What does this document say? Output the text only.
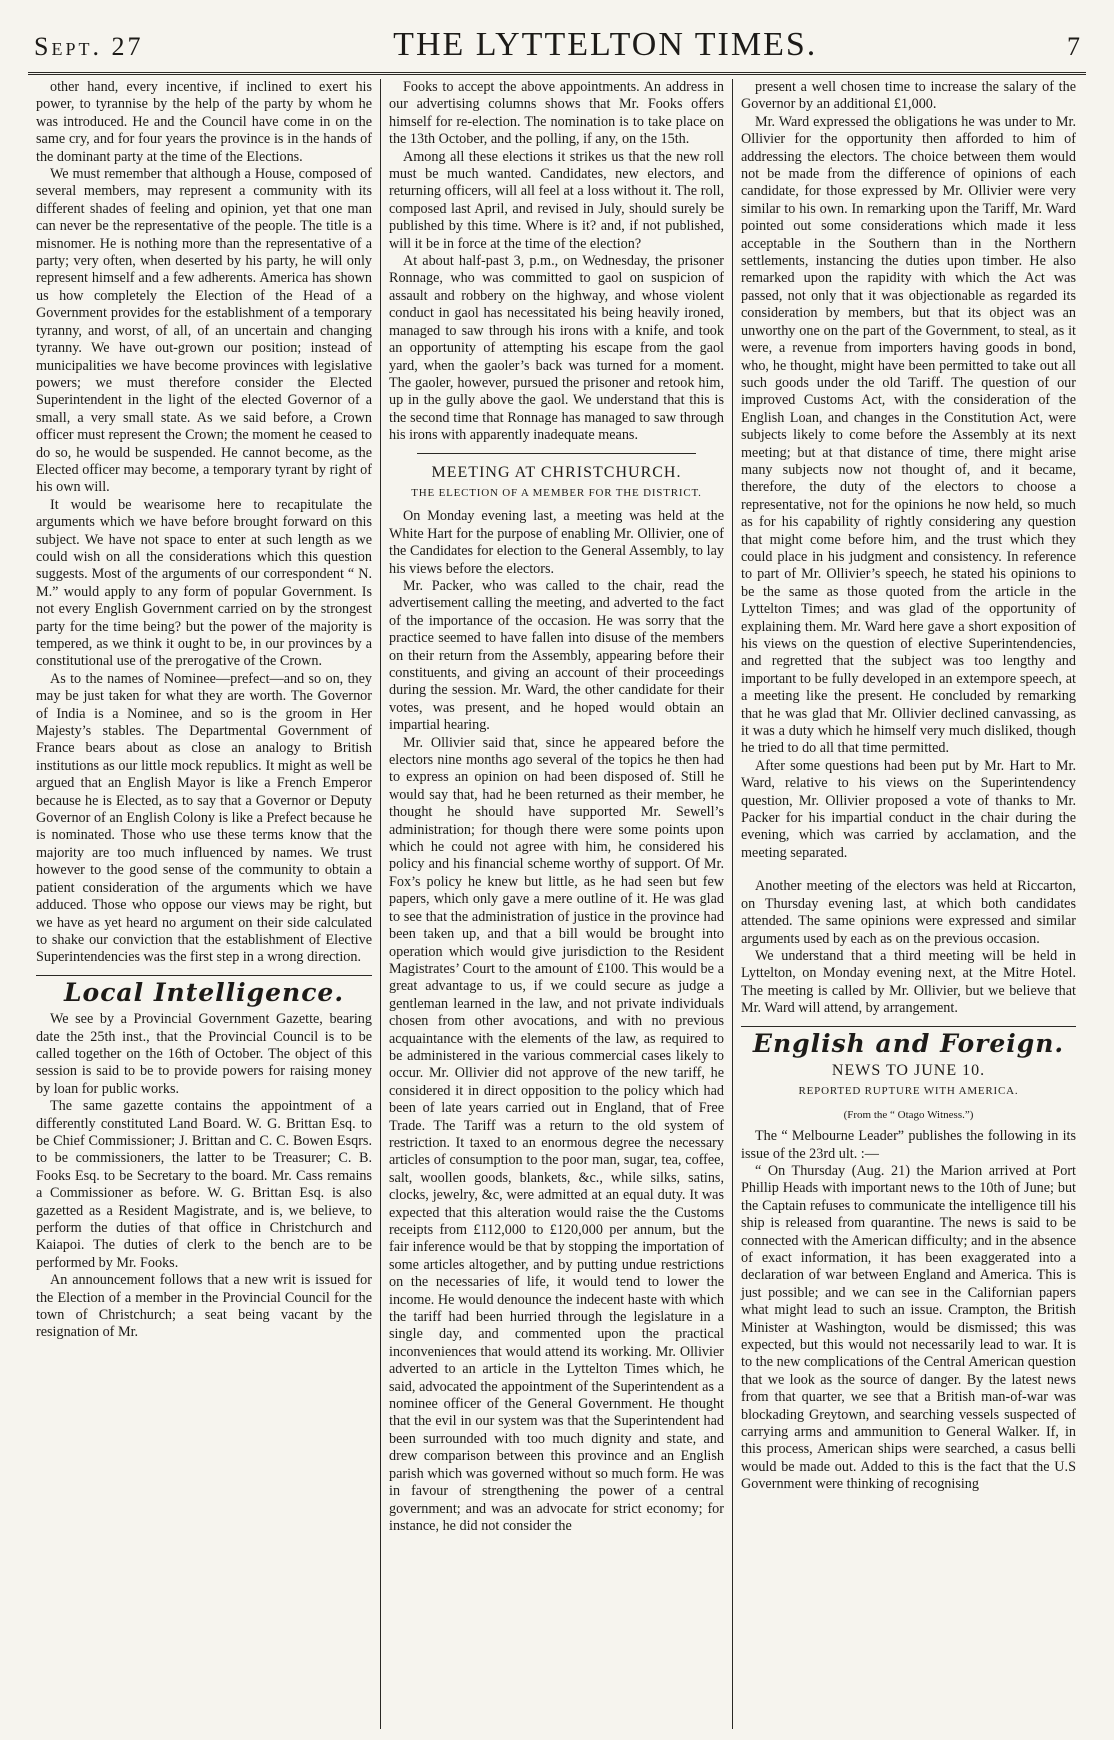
Sept. 27	THE LYTTELTON TIMES.	7

other hand, every incentive, if inclined to exert his power, to tyrannise by the help of the party by whom he was introduced. He and the Council have come in on the same cry, and for four years the province is in the hands of the dominant party at the time of the Elections.

We must remember that although a House, composed of several members, may represent a community with its different shades of feeling and opinion, yet that one man can never be the representative of the people. The title is a misnomer. He is nothing more than the representative of a party; very often, when deserted by his party, he will only represent himself and a few adherents. America has shown us how completely the Election of the Head of a Government provides for the establishment of a temporary tyranny, and worst, of all, of an uncertain and changing tyranny. We have out-grown our position; instead of municipalities we have become provinces with legislative powers; we must therefore consider the Elected Superintendent in the light of the elected Governor of a small, a very small state. As we said before, a Crown officer must represent the Crown; the moment he ceased to do so, he would be suspended. He cannot become, as the Elected officer may become, a temporary tyrant by right of his own will.

It would be wearisome here to recapitulate the arguments which we have before brought forward on this subject. We have not space to enter at such length as we could wish on all the considerations which this question suggests. Most of the arguments of our correspondent “ N. M.” would apply to any form of popular Government. Is not every English Government carried on by the strongest party for the time being? but the power of the majority is tempered, as we think it ought to be, in our provinces by a constitutional use of the prerogative of the Crown.

As to the names of Nominee—prefect—and so on, they may be just taken for what they are worth. The Governor of India is a Nominee, and so is the groom in Her Majesty’s stables. The Departmental Government of France bears about as close an analogy to British institutions as our little mock republics. It might as well be argued that an English Mayor is like a French Emperor because he is Elected, as to say that a Governor or Deputy Governor of an English Colony is like a Prefect because he is nominated. Those who use these terms know that the majority are too much influenced by names. We trust however to the good sense of the community to obtain a patient consideration of the arguments which we have adduced. Those who oppose our views may be right, but we have as yet heard no argument on their side calculated to shake our conviction that the establishment of Elective Superintendencies was the first step in a wrong direction.

Local Intelligence.

We see by a Provincial Government Gazette, bearing date the 25th inst., that the Provincial Council is to be called together on the 16th of October. The object of this session is said to be to provide powers for raising money by loan for public works.

The same gazette contains the appointment of a differently constituted Land Board. W. G. Brittan Esq. to be Chief Commissioner; J. Brittan and C. C. Bowen Esqrs. to be commissioners, the latter to be Treasurer; C. B. Fooks Esq. to be Secretary to the board. Mr. Cass remains a Commissioner as before. W. G. Brittan Esq. is also gazetted as a Resident Magistrate, and is, we believe, to perform the duties of that office in Christchurch and Kaiapoi. The duties of clerk to the bench are to be performed by Mr. Fooks.

An announcement follows that a new writ is issued for the Election of a member in the Provincial Council for the town of Christchurch; a seat being vacant by the resignation of Mr.

Fooks to accept the above appointments. An address in our advertising columns shows that Mr. Fooks offers himself for re-election. The nomination is to take place on the 13th October, and the polling, if any, on the 15th.

Among all these elections it strikes us that the new roll must be much wanted. Candidates, new electors, and returning officers, will all feel at a loss without it. The roll, composed last April, and revised in July, should surely be published by this time. Where is it? and, if not published, will it be in force at the time of the election?

At about half-past 3, p.m., on Wednesday, the prisoner Ronnage, who was committed to gaol on suspicion of assault and robbery on the highway, and whose violent conduct in gaol has necessitated his being heavily ironed, managed to saw through his irons with a knife, and took an opportunity of attempting his escape from the gaol yard, when the gaoler’s back was turned for a moment. The gaoler, however, pursued the prisoner and retook him, up in the gully above the gaol. We understand that this is the second time that Ronnage has managed to saw through his irons with apparently inadequate means.

MEETING AT CHRISTCHURCH.
THE ELECTION OF A MEMBER FOR THE DISTRICT.

On Monday evening last, a meeting was held at the White Hart for the purpose of enabling Mr. Ollivier, one of the Candidates for election to the General Assembly, to lay his views before the electors.

Mr. Packer, who was called to the chair, read the advertisement calling the meeting, and adverted to the fact of the importance of the occasion. He was sorry that the practice seemed to have fallen into disuse of the members on their return from the Assembly, appearing before their constituents, and giving an account of their proceedings during the session. Mr. Ward, the other candidate for their votes, was present, and he hoped would obtain an impartial hearing.

Mr. Ollivier said that, since he appeared before the electors nine months ago several of the topics he then had to express an opinion on had been disposed of. Still he would say that, had he been returned as their member, he thought he should have supported Mr. Sewell’s administration; for though there were some points upon which he could not agree with him, he considered his policy and his financial scheme worthy of support. Of Mr. Fox’s policy he knew but little, as he had seen but few papers, which only gave a mere outline of it. He was glad to see that the administration of justice in the province had been taken up, and that a bill would be brought into operation which would give jurisdiction to the Resident Magistrates’ Court to the amount of £100. This would be a great advantage to us, if we could secure as judge a gentleman learned in the law, and not private individuals chosen from other avocations, and with no previous acquaintance with the elements of the law, as required to be administered in the various commercial cases likely to occur. Mr. Ollivier did not approve of the new tariff, he considered it in direct opposition to the policy which had been of late years carried out in England, that of Free Trade. The Tariff was a return to the old system of restriction. It taxed to an enormous degree the necessary articles of consumption to the poor man, sugar, tea, coffee, salt, woollen goods, blankets, &c., while silks, satins, clocks, jewelry, &c, were admitted at an equal duty. It was expected that this alteration would raise the the Customs receipts from £112,000 to £120,000 per annum, but the fair inference would be that by stopping the importation of some articles altogether, and by putting undue restrictions on the necessaries of life, it would tend to lower the income. He would denounce the indecent haste with which the tariff had been hurried through the legislature in a single day, and commented upon the practical inconveniences that would attend its working. Mr. Ollivier adverted to an article in the Lyttelton Times which, he said, advocated the appointment of the Superintendent as a nominee officer of the General Government. He thought that the evil in our system was that the Superintendent had been surrounded with too much dignity and state, and drew comparison between this province and an English parish which was governed without so much form. He was in favour of strengthening the power of a central government; and was an advocate for strict economy; for instance, he did not consider the

present a well chosen time to increase the salary of the Governor by an additional £1,000.

Mr. Ward expressed the obligations he was under to Mr. Ollivier for the opportunity then afforded to him of addressing the electors. The choice between them would not be made from the difference of opinions of each candidate, for those expressed by Mr. Ollivier were very similar to his own. In remarking upon the Tariff, Mr. Ward pointed out some considerations which made it less acceptable in the Southern than in the Northern settlements, instancing the duties upon timber. He also remarked upon the rapidity with which the Act was passed, not only that it was objectionable as regarded its consideration by members, but that its object was an unworthy one on the part of the Government, to steal, as it were, a revenue from importers having goods in bond, who, he thought, might have been permitted to take out all such goods under the old Tariff. The question of our improved Customs Act, with the consideration of the English Loan, and changes in the Constitution Act, were subjects likely to come before the Assembly at its next meeting; but at that distance of time, there might arise many subjects now not thought of, and it became, therefore, the duty of the electors to choose a representative, not for the opinions he now held, so much as for his capability of rightly considering any question that might come before him, and the trust which they could place in his judgment and consistency. In reference to part of Mr. Ollivier’s speech, he stated his opinions to be the same as those quoted from the article in the Lyttelton Times; and was glad of the opportunity of explaining them. Mr. Ward here gave a short exposition of his views on the question of elective Superintendencies, and regretted that the subject was too lengthy and important to be fully developed in an extempore speech, at a meeting like the present. He concluded by remarking that he was glad that Mr. Ollivier declined canvassing, as it was a duty which he himself very much disliked, though he tried to do all that time permitted.

After some questions had been put by Mr. Hart to Mr. Ward, relative to his views on the Superintendency question, Mr. Ollivier proposed a vote of thanks to Mr. Packer for his impartial conduct in the chair during the evening, which was carried by acclamation, and the meeting separated.

Another meeting of the electors was held at Riccarton, on Thursday evening last, at which both candidates attended. The same opinions were expressed and similar arguments used by each as on the previous occasion.

We understand that a third meeting will be held in Lyttelton, on Monday evening next, at the Mitre Hotel. The meeting is called by Mr. Ollivier, but we believe that Mr. Ward will attend, by arrangement.

English and Foreign.
NEWS TO JUNE 10.
REPORTED RUPTURE WITH AMERICA.
(From the “ Otago Witness.”)

The “ Melbourne Leader” publishes the following in its issue of the 23rd ult. :—

“ On Thursday (Aug. 21) the Marion arrived at Port Phillip Heads with important news to the 10th of June; but the Captain refuses to communicate the intelligence till his ship is released from quarantine. The news is said to be connected with the American difficulty; and in the absence of exact information, it has been exaggerated into a declaration of war between England and America. This is just possible; and we can see in the Californian papers what might lead to such an issue. Crampton, the British Minister at Washington, would be dismissed; this was expected, but this would not necessarily lead to war. It is to the new complications of the Central American question that we look as the source of danger. By the latest news from that quarter, we see that a British man-of-war was blockading Greytown, and searching vessels suspected of carrying arms and ammunition to General Walker. If, in this process, American ships were searched, a casus belli would be made out. Added to this is the fact that the U.S Government were thinking of recognising
